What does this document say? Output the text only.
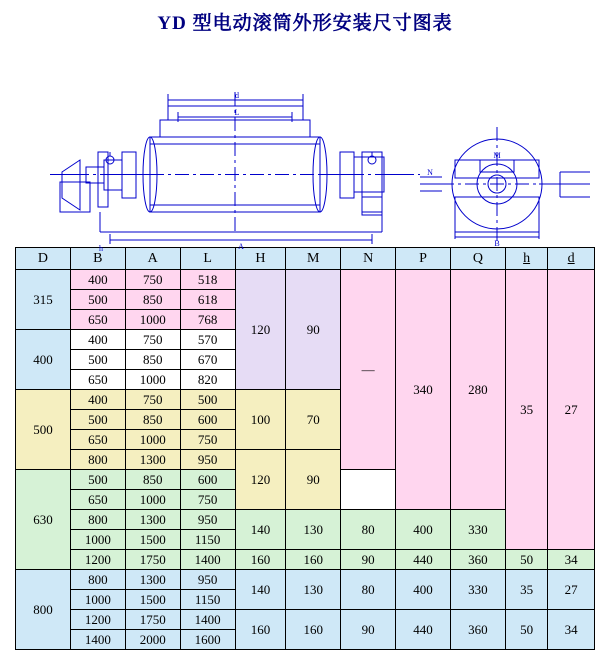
YD 型电动滚筒外形安装尺寸图表
d
L
A
h
M
B
N
D	B	A	L	H	M	N	P	Q	h	d
315	400	750	518	120	90	—	340	280	35	27
	500	850	618							
	650	1000	768							
400	400	750	570							
	500	850	670							
	650	1000	820							
500	400	750	500	100	70					
	500	850	600							
	650	1000	750							
	800	1300	950	120	90					
630	500	850	600							
	650	1000	750							
	800	1300	950	140	130	80	400	330		
	1000	1500	1150							
	1200	1750	1400	160	160	90	440	360	50	34
800	800	1300	950	140	130	80	400	330	35	27
	1000	1500	1150							
	1200	1750	1400	160	160	90	440	360	50	34
	1400	2000	1600							
